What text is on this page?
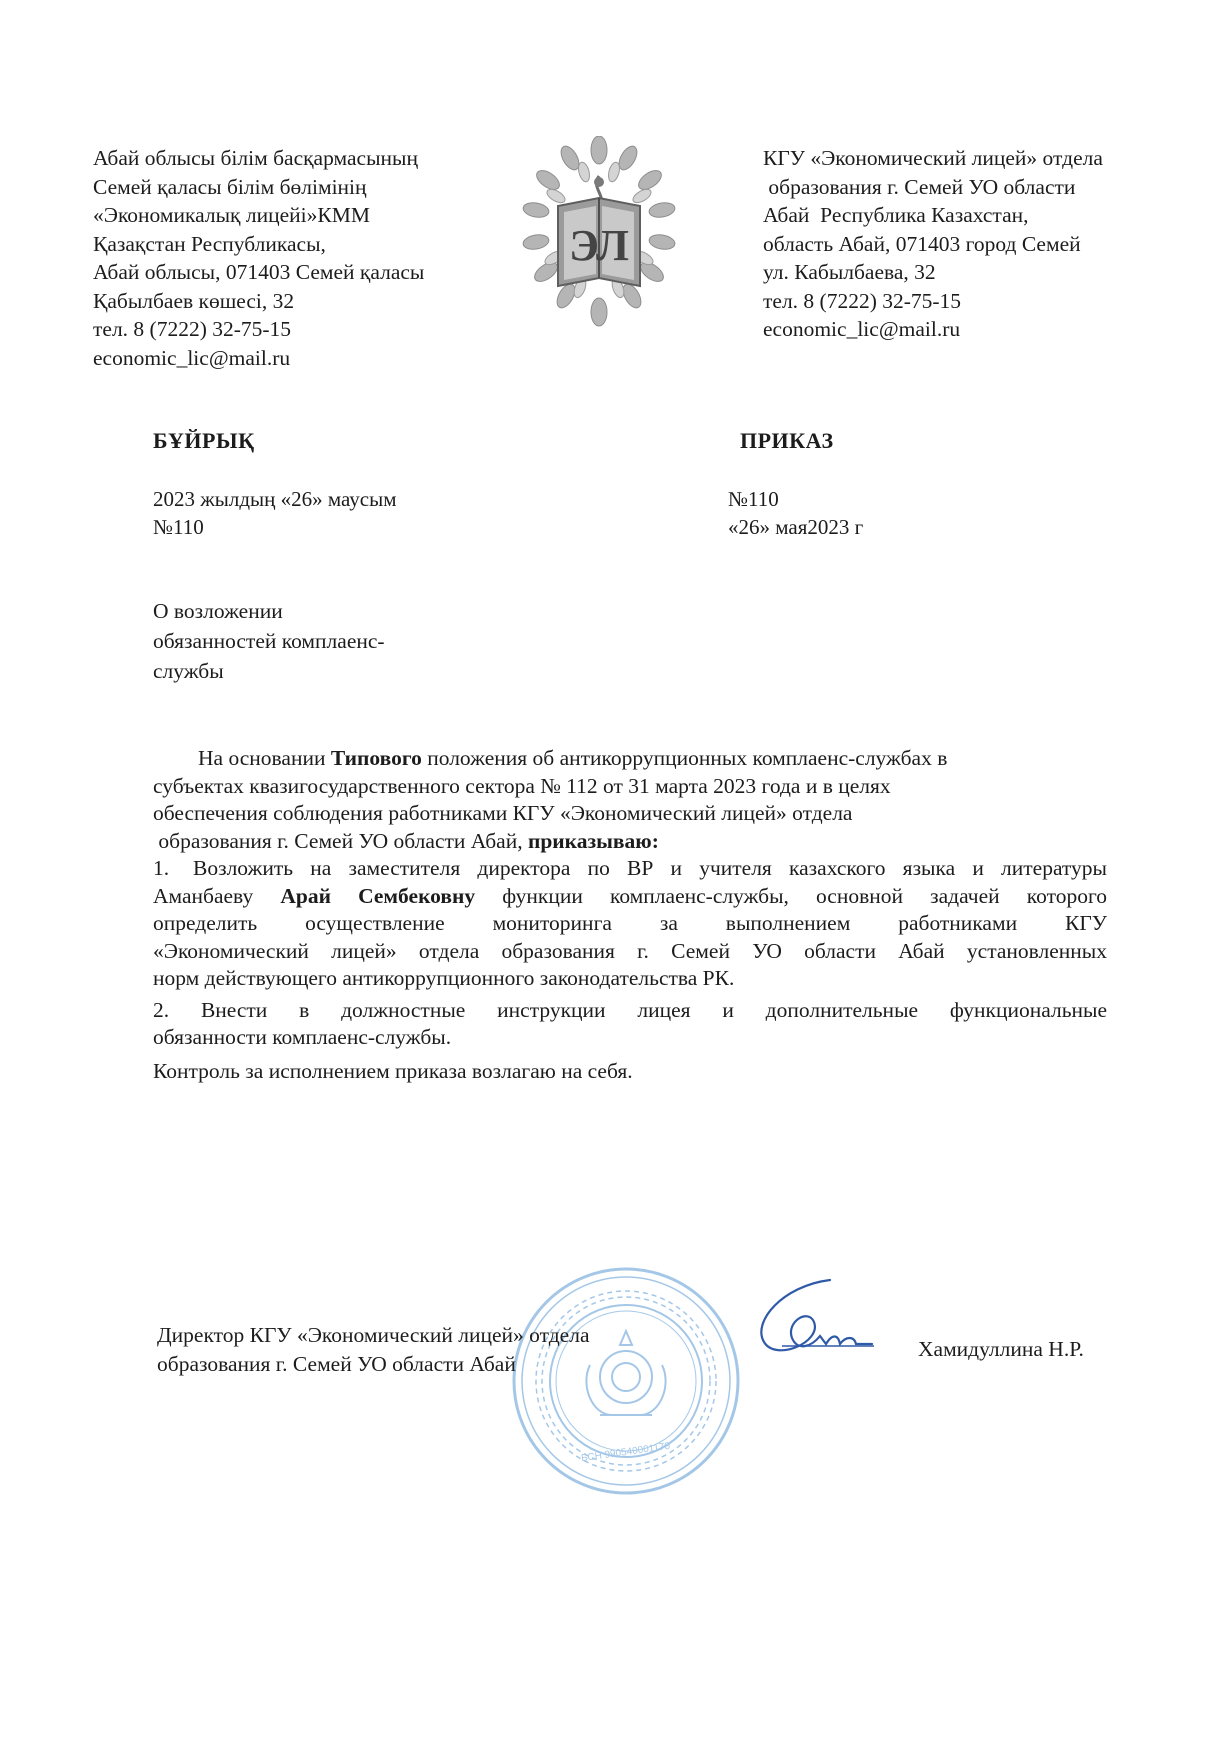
Абай облысы білім басқармасының
Семей қаласы білім бөлімінің
«Экономикалық лицейі»КММ
Қазақстан Республикасы,
Абай облысы, 071403 Семей қаласы
Қабылбаев көшесі, 32
тел. 8 (7222) 32-75-15
economic_lic@mail.ru
ЭЛ
КГУ «Экономический лицей» отдела
образования г. Семей УО области
Абай  Республика Казахстан,
область Абай, 071403 город Семей
ул. Кабылбаева, 32
тел. 8 (7222) 32-75-15
economic_lic@mail.ru
БҰЙРЫҚ	ПРИКАЗ
2023 жылдың «26» маусым
№110
№110
«26» мая2023 г
О возложении
обязанностей комплаенс-
службы
На основании Типового положения об антикоррупционных комплаенс-службах в
субъектах квазигосударственного сектора № 112 от 31 марта 2023 года и в целях
обеспечения соблюдения работниками КГУ «Экономический лицей» отдела
образования г. Семей УО области Абай, приказываю:
1.	Возложить на заместителя директора по ВР и учителя казахского языка и литературы
Аманбаеву Арай Сембековну функции комплаенс-службы, основной задачей которого
определить осуществление мониторинга за выполнением работниками КГУ
«Экономический лицей» отдела образования г. Семей УО области Абай установленных
норм действующего антикоррупционного законодательства РК.
2. Внести в должностные инструкции лицея и дополнительные функциональные
обязанности комплаенс-службы.
Контроль за исполнением приказа возлагаю на себя.
БСН 990540001170
Директор КГУ «Экономический лицей» отдела
образования г. Семей УО области Абай
Хамидуллина Н.Р.
